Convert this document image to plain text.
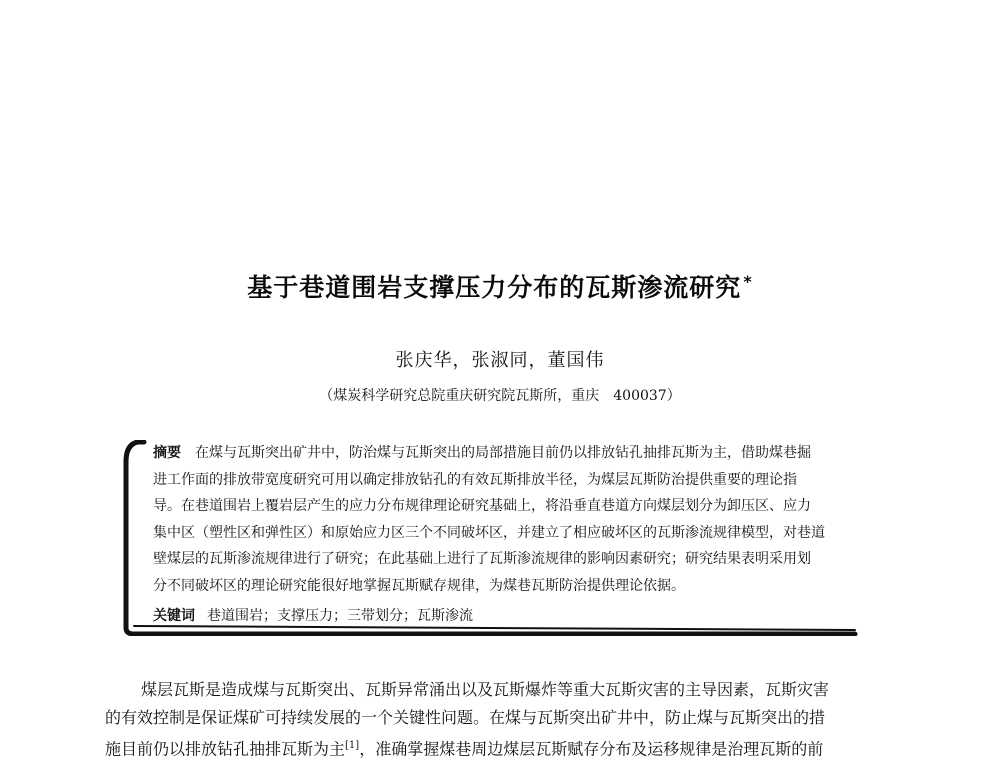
基于巷道围岩支撑压力分布的瓦斯渗流研究 *
张庆华，张淑同，董国伟
（煤炭科学研究总院重庆研究院瓦斯所，重庆　400037）
摘要　 在煤与瓦斯突出矿井中，防治煤与瓦斯突出的局部措施目前仍以排放钻孔抽排瓦斯为主，借助煤巷掘
进工作面的排放带宽度研究可用以确定排放钻孔的有效瓦斯排放半径，为煤层瓦斯防治提供重要的理论指
导。在巷道围岩上覆岩层产生的应力分布规律理论研究基础上，将沿垂直巷道方向煤层划分为卸压区、应力
集中区（塑性区和弹性区）和原始应力区三个不同破坏区，并建立了相应破坏区的瓦斯渗流规律模型，对巷道
壁煤层的瓦斯渗流规律进行了研究；在此基础上进行了瓦斯渗流规律的影响因素研究；研究结果表明采用划
分不同破坏区的理论研究能很好地掌握瓦斯赋存规律，为煤巷瓦斯防治提供理论依据。
关键词 巷道围岩；支撑压力；三带划分；瓦斯渗流
煤层瓦斯是造成煤与瓦斯突出、瓦斯异常涌出以及瓦斯爆炸等重大瓦斯灾害的主导因素，瓦斯灾害
的有效控制是保证煤矿可持续发展的一个关键性问题。在煤与瓦斯突出矿井中，防止煤与瓦斯突出的措
施目前仍以排放钻孔抽排瓦斯为主[1]，准确掌握煤巷周边煤层瓦斯赋存分布及运移规律是治理瓦斯的前
